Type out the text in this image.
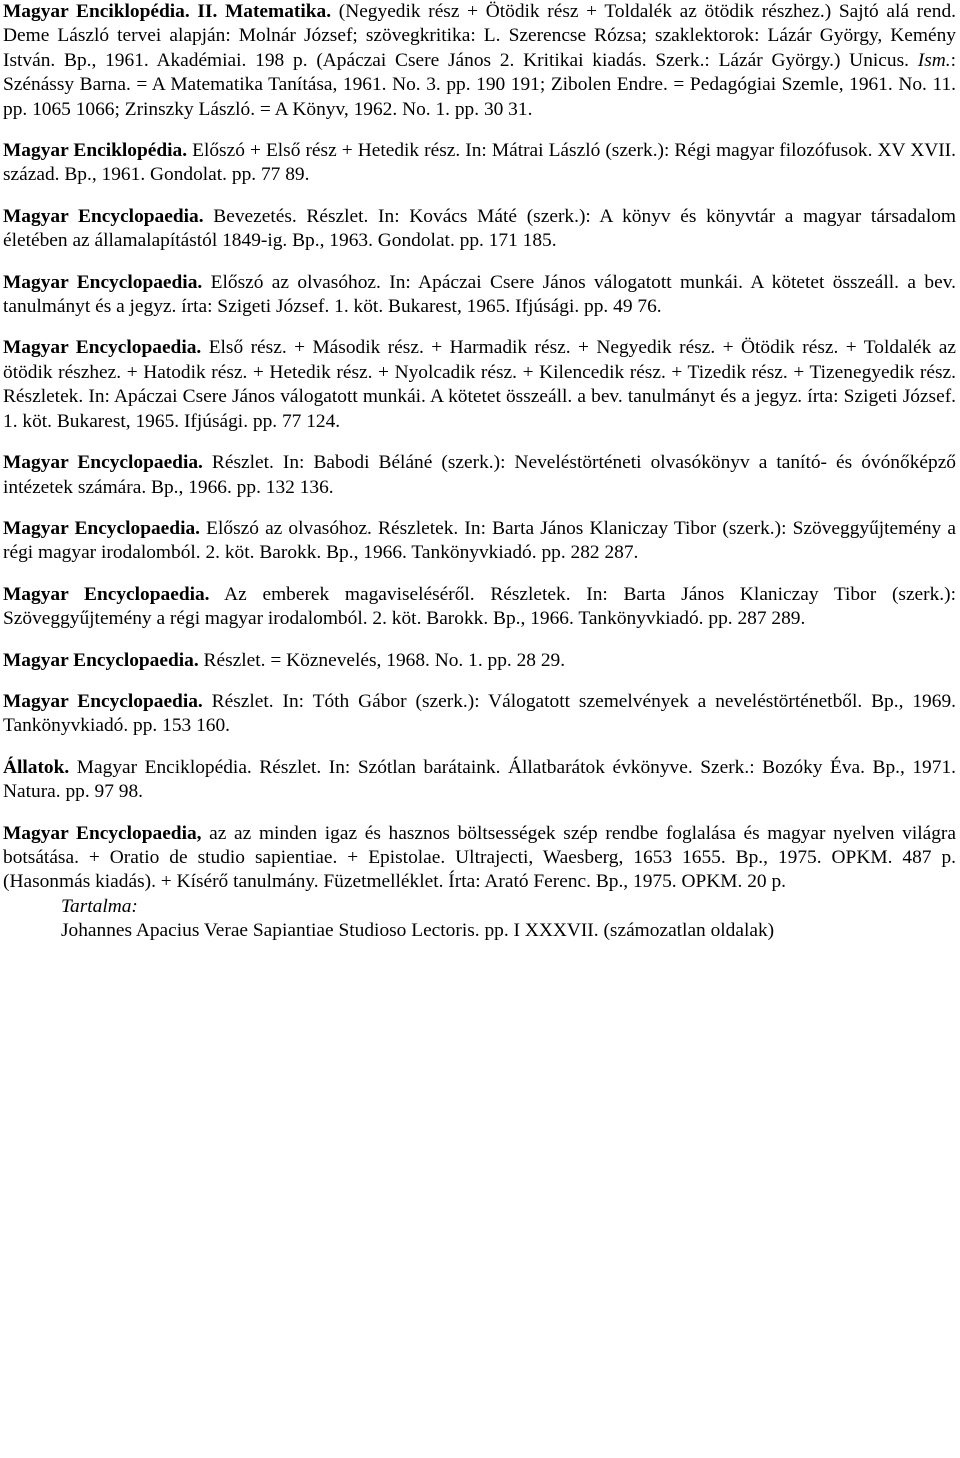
Magyar Enciklopédia. II. Matematika. (Negyedik rész + Ötödik rész + Toldalék az ötödik részhez.) Sajtó alá rend. Deme László tervei alapján: Molnár József; szövegkritika: L. Szerencse Rózsa; szaklektorok: Lázár György, Kemény István. Bp., 1961. Akadémiai. 198 p. (Apáczai Csere János 2. Kritikai kiadás. Szerk.: Lázár György.) Unicus. Ism.: Szénássy Barna. = A Matematika Tanítása, 1961. No. 3. pp. 190 191; Zibolen Endre. = Pedagógiai Szemle, 1961. No. 11. pp. 1065 1066; Zrinszky László. = A Könyv, 1962. No. 1. pp. 30 31.

Magyar Enciklopédia. Előszó + Első rész + Hetedik rész. In: Mátrai László (szerk.): Régi magyar filozófusok. XV XVII. század. Bp., 1961. Gondolat. pp. 77 89.

Magyar Encyclopaedia. Bevezetés. Részlet. In: Kovács Máté (szerk.): A könyv és könyvtár a magyar társadalom életében az államalapítástól 1849-ig. Bp., 1963. Gondolat. pp. 171 185.

Magyar Encyclopaedia. Előszó az olvasóhoz. In: Apáczai Csere János válogatott munkái. A kötetet összeáll. a bev. tanulmányt és a jegyz. írta: Szigeti József. 1. köt. Bukarest, 1965. Ifjúsági. pp. 49 76.

Magyar Encyclopaedia. Első rész. + Második rész. + Harmadik rész. + Negyedik rész. + Ötödik rész. + Toldalék az ötödik részhez. + Hatodik rész. + Hetedik rész. + Nyolcadik rész. + Kilencedik rész. + Tizedik rész. + Tizenegyedik rész. Részletek. In: Apáczai Csere János válogatott munkái. A kötetet összeáll. a bev. tanulmányt és a jegyz. írta: Szigeti József. 1. köt. Bukarest, 1965. Ifjúsági. pp. 77 124.

Magyar Encyclopaedia. Részlet. In: Babodi Béláné (szerk.): Neveléstörténeti olvasókönyv a tanító- és óvónőképző intézetek számára. Bp., 1966. pp. 132 136.

Magyar Encyclopaedia. Előszó az olvasóhoz. Részletek. In: Barta János Klaniczay Tibor (szerk.): Szöveggyűjtemény a régi magyar irodalomból. 2. köt. Barokk. Bp., 1966. Tankönyvkiadó. pp. 282 287.

Magyar Encyclopaedia. Az emberek magaviseléséről. Részletek. In: Barta János Klaniczay Tibor (szerk.): Szöveggyűjtemény a régi magyar irodalomból. 2. köt. Barokk. Bp., 1966. Tankönyvkiadó. pp. 287 289.

Magyar Encyclopaedia. Részlet. = Köznevelés, 1968. No. 1. pp. 28 29.

Magyar Encyclopaedia. Részlet. In: Tóth Gábor (szerk.): Válogatott szemelvények a neveléstörténetből. Bp., 1969. Tankönyvkiadó. pp. 153 160.

Állatok. Magyar Enciklopédia. Részlet. In: Szótlan barátaink. Állatbarátok évkönyve. Szerk.: Bozóky Éva. Bp., 1971. Natura. pp. 97 98.

Magyar Encyclopaedia, az az minden igaz és hasznos böltsességek szép rendbe foglalása és magyar nyelven világra botsátása. + Oratio de studio sapientiae. + Epistolae. Ultrajecti, Waesberg, 1653 1655. Bp., 1975. OPKM. 487 p. (Hasonmás kiadás). + Kísérő tanulmány. Füzetmelléklet. Írta: Arató Ferenc. Bp., 1975. OPKM. 20 p.

Tartalma:
Johannes Apacius Verae Sapiantiae Studioso Lectoris. pp. I XXXVII. (számozatlan oldalak)
